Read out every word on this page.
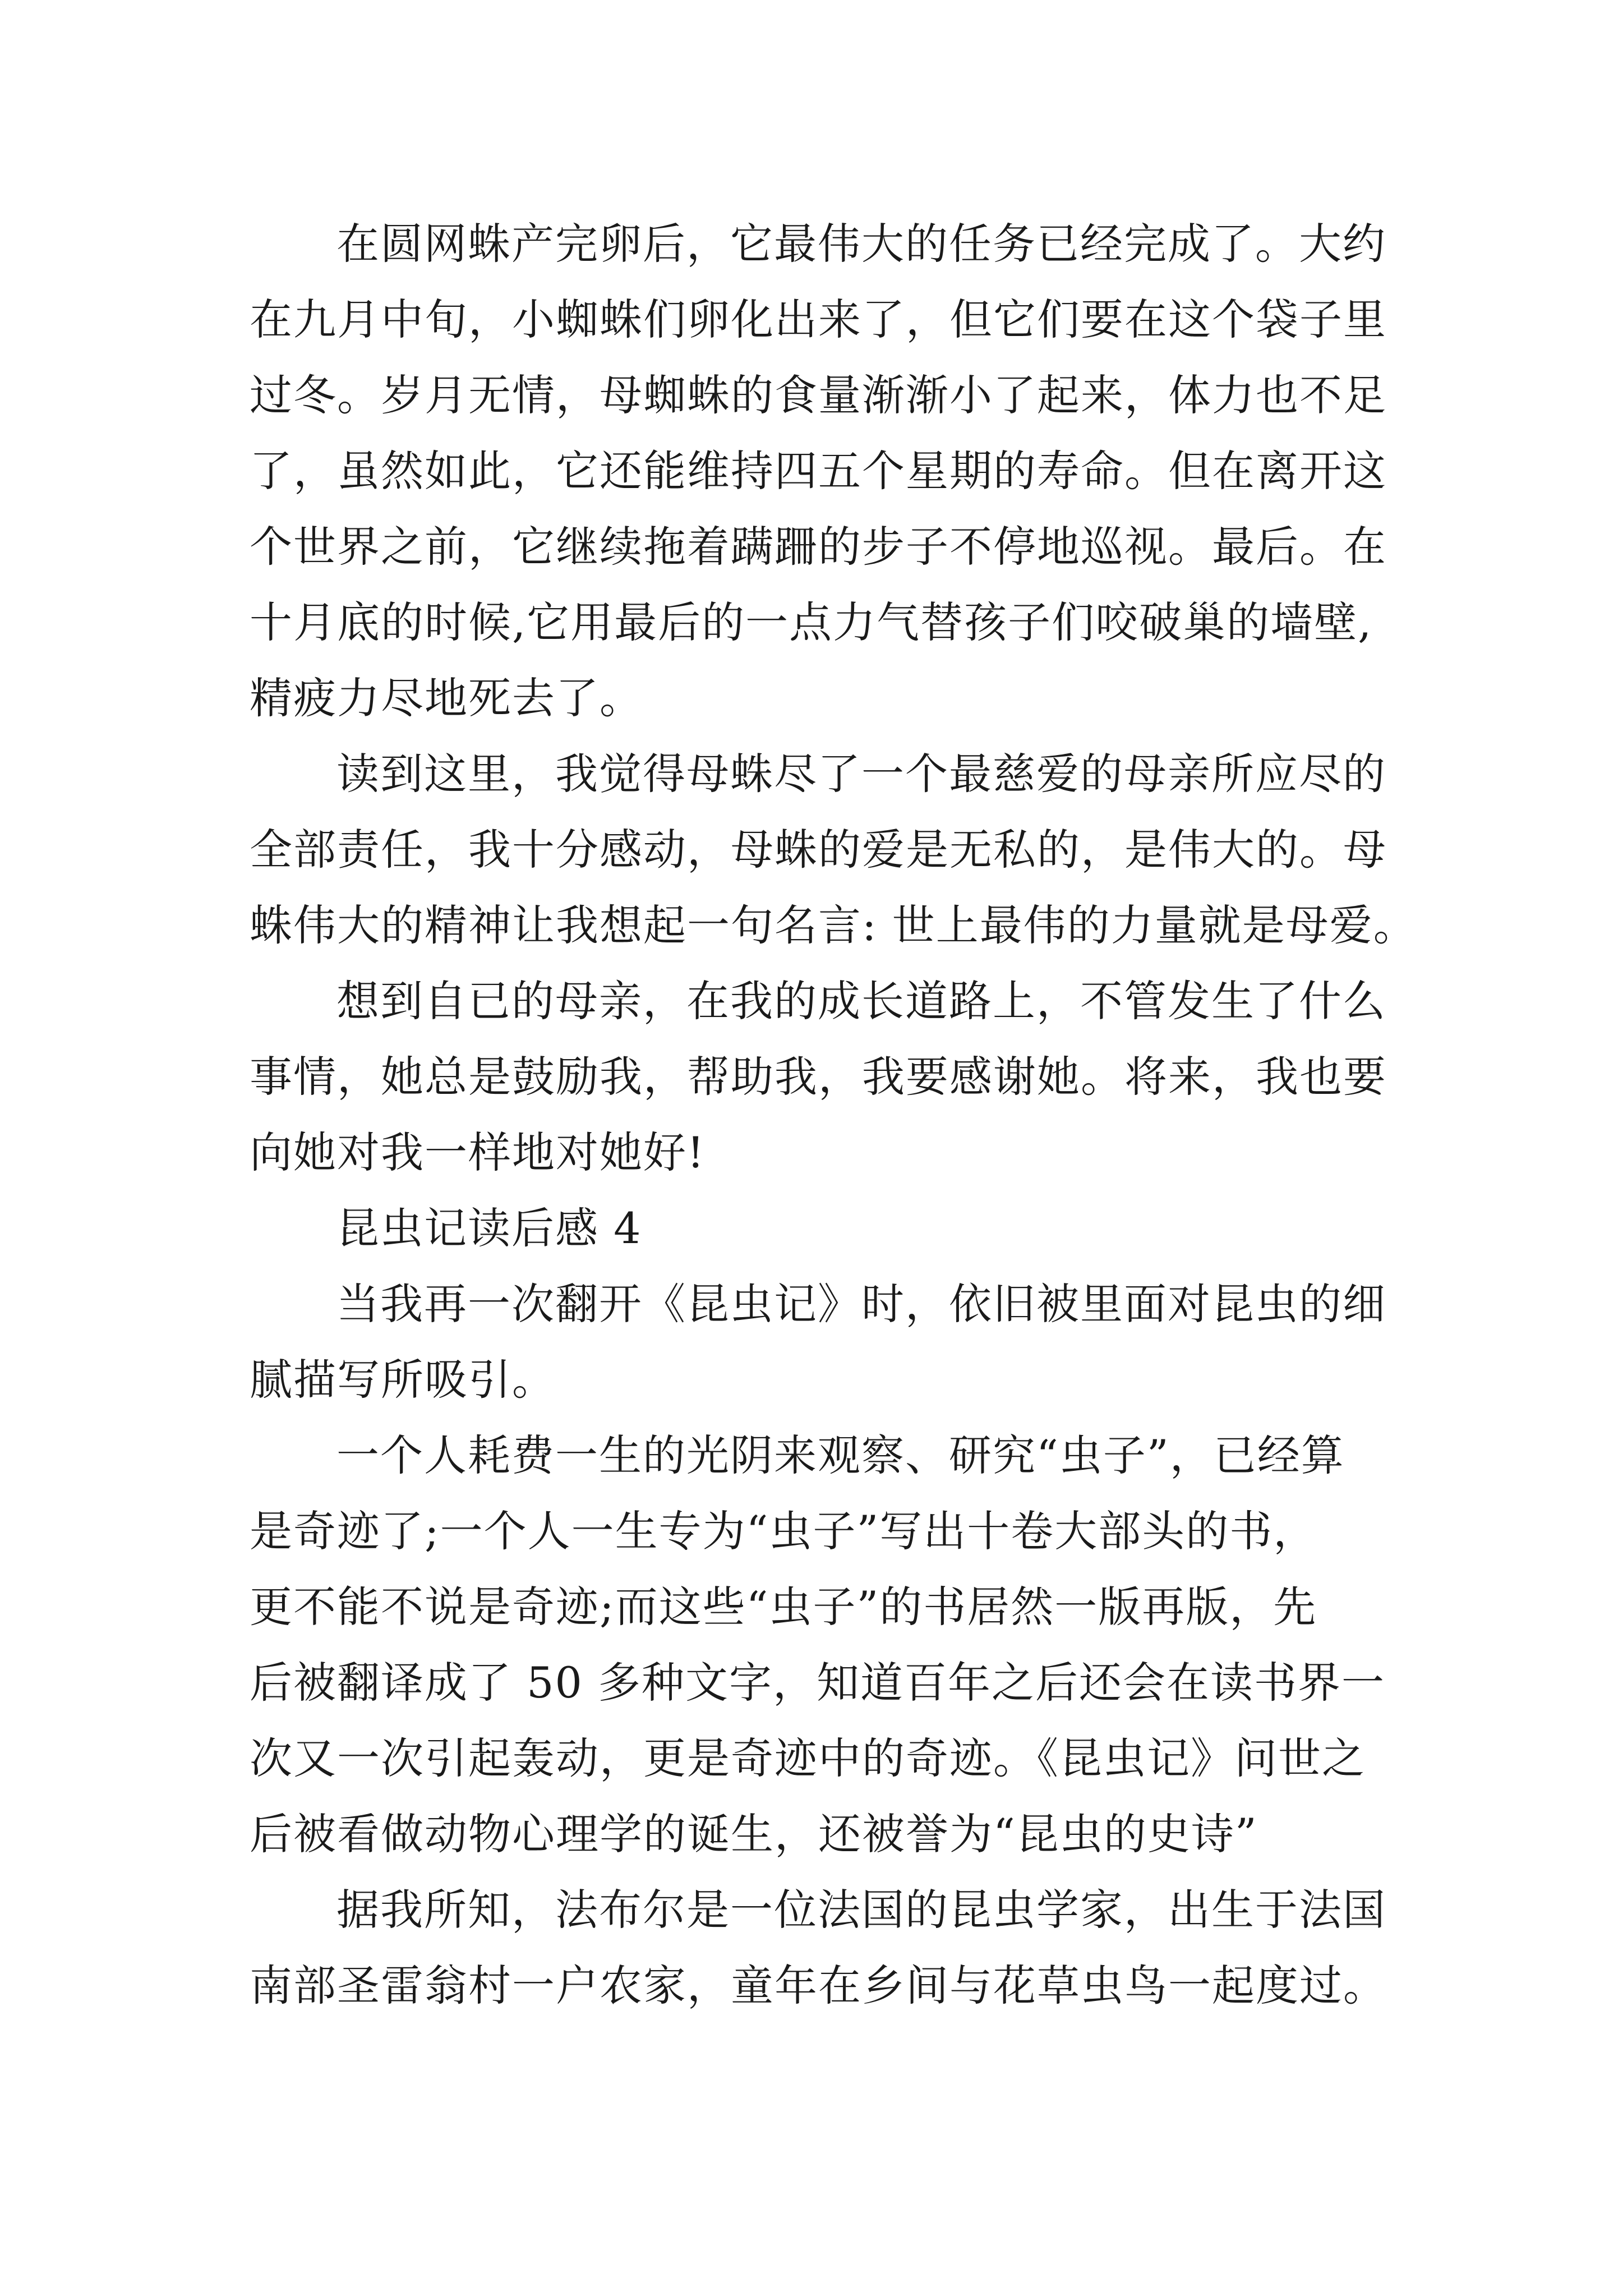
在圆网蛛产完卵后，它最伟大的任务已经完成了。大约
在九月中旬，小蜘蛛们卵化出来了，但它们要在这个袋子里
过冬。岁月无情，母蜘蛛的食量渐渐小了起来，体力也不足
了，虽然如此，它还能维持四五个星期的寿命。但在离开这
个世界之前，它继续拖着蹒跚的步子不停地巡视。最后。在
十月底的时候,它用最后的一点力气替孩子们咬破巢的墙壁,
精疲力尽地死去了。
读到这里，我觉得母蛛尽了一个最慈爱的母亲所应尽的
全部责任，我十分感动，母蛛的爱是无私的，是伟大的。母
蛛伟大的精神让我想起一句名言: 世上最伟的力量就是母爱。
想到自已的母亲，在我的成长道路上，不管发生了什么
事情，她总是鼓励我，帮助我，我要感谢她。将来，我也要
向她对我一样地对她好!
昆虫记读后感 4
当我再一次翻开《昆虫记》时，依旧被里面对昆虫的细
腻描写所吸引。
一个人耗费一生的光阴来观察、研究“虫子”，已经算
是奇迹了;一个人一生专为“虫子”写出十卷大部头的书，
更不能不说是奇迹;而这些“虫子”的书居然一版再版，先
后被翻译成了 50 多种文字，知道百年之后还会在读书界一
次又一次引起轰动，更是奇迹中的奇迹。《昆虫记》问世之
后被看做动物心理学的诞生，还被誉为“昆虫的史诗”
据我所知，法布尔是一位法国的昆虫学家，出生于法国
南部圣雷翁村一户农家，童年在乡间与花草虫鸟一起度过。
